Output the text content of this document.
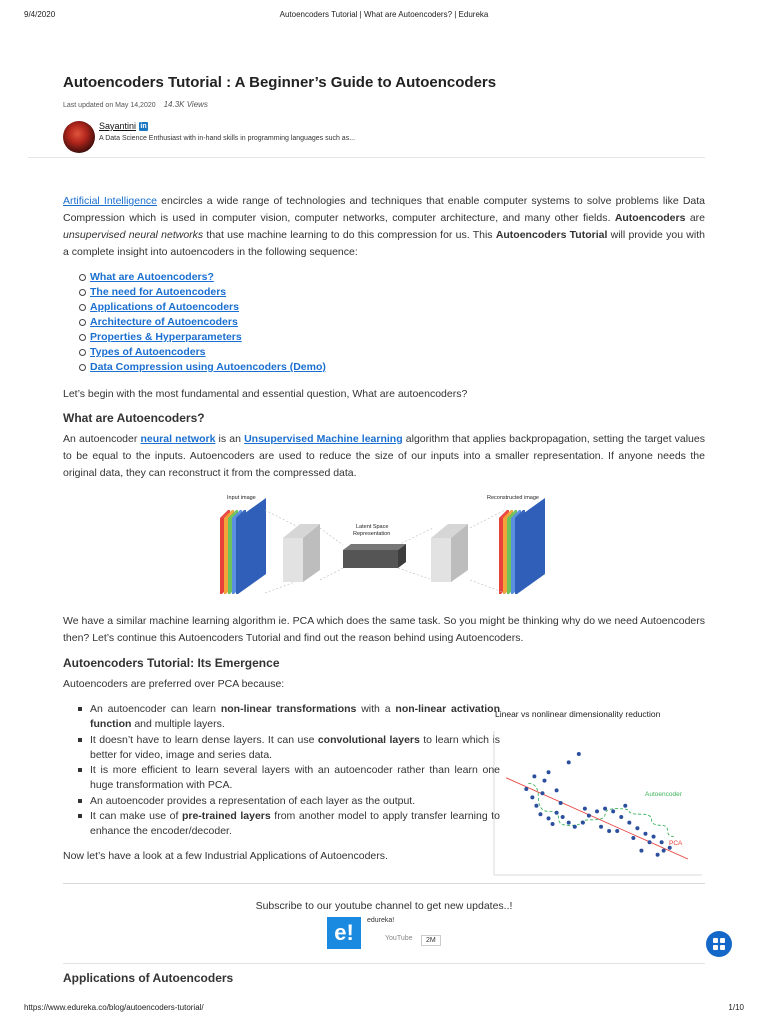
9/4/2020	Autoencoders Tutorial | What are Autoencoders? | Edureka
Autoencoders Tutorial : A Beginner’s Guide to Autoencoders
Last updated on May 14,2020 14.3K Views
Sayantini in
A Data Science Enthusiast with in-hand skills in programming languages such as...

Artificial Intelligence encircles a wide range of technologies and techniques that enable computer systems to solve problems like Data Compression which is used in computer vision, computer networks, computer architecture, and many other fields. Autoencoders are unsupervised neural networks that use machine learning to do this compression for us. This Autoencoders Tutorial will provide you with a complete insight into autoencoders in the following sequence:

What are Autoencoders?
The need for Autoencoders
Applications of Autoencoders
Architecture of Autoencoders
Properties & Hyperparameters
Types of Autoencoders
Data Compression using Autoencoders (Demo)

Let’s begin with the most fundamental and essential question, What are autoencoders?

What are Autoencoders?

An autoencoder neural network is an Unsupervised Machine learning algorithm that applies backpropagation, setting the target values to be equal to the inputs. Autoencoders are used to reduce the size of our inputs into a smaller representation. If anyone needs the original data, they can reconstruct it from the compressed data.

Input image	Reconstructed image
Latent Space
Representation

We have a similar machine learning algorithm ie. PCA which does the same task. So you might be thinking why do we need Autoencoders then? Let’s continue this Autoencoders Tutorial and find out the reason behind using Autoencoders.

Autoencoders Tutorial: Its Emergence

Autoencoders are preferred over PCA because:

An autoencoder can learn non-linear transformations with a non-linear activation function and multiple layers.
It doesn’t have to learn dense layers. It can use convolutional layers to learn which is better for video, image and series data.
It is more efficient to learn several layers with an autoencoder rather than learn one huge transformation with PCA.
An autoencoder provides a representation of each layer as the output.
It can make use of pre-trained layers from another model to apply transfer learning to enhance the encoder/decoder.
Linear vs nonlinear dimensionality reduction
Autoencoder
PCA

Now let’s have a look at a few Industrial Applications of Autoencoders.

Subscribe to our youtube channel to get new updates..!
e!	edureka!
YouTube	2M
Applications of Autoencoders
https://www.edureka.co/blog/autoencoders-tutorial/	1/10
